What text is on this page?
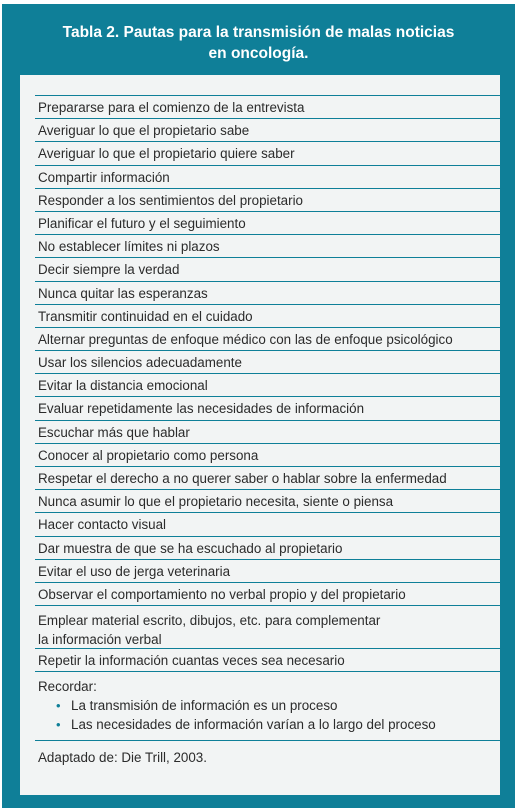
Tabla 2. Pautas para la transmisión de malas noticias
en oncología.
Prepararse para el comienzo de la entrevista
Averiguar lo que el propietario sabe
Averiguar lo que el propietario quiere saber
Compartir información
Responder a los sentimientos del propietario
Planificar el futuro y el seguimiento
No establecer límites ni plazos
Decir siempre la verdad
Nunca quitar las esperanzas
Transmitir continuidad en el cuidado
Alternar preguntas de enfoque médico con las de enfoque psicológico
Usar los silencios adecuadamente
Evitar la distancia emocional
Evaluar repetidamente las necesidades de información
Escuchar más que hablar
Conocer al propietario como persona
Respetar el derecho a no querer saber o hablar sobre la enfermedad
Nunca asumir lo que el propietario necesita, siente o piensa
Hacer contacto visual
Dar muestra de que se ha escuchado al propietario
Evitar el uso de jerga veterinaria
Observar el comportamiento no verbal propio y del propietario
Emplear material escrito, dibujos, etc. para complementar
la información verbal
Repetir la información cuantas veces sea necesario
Recordar:
• La transmisión de información es un proceso
• Las necesidades de información varían a lo largo del proceso
Adaptado de: Die Trill, 2003.
